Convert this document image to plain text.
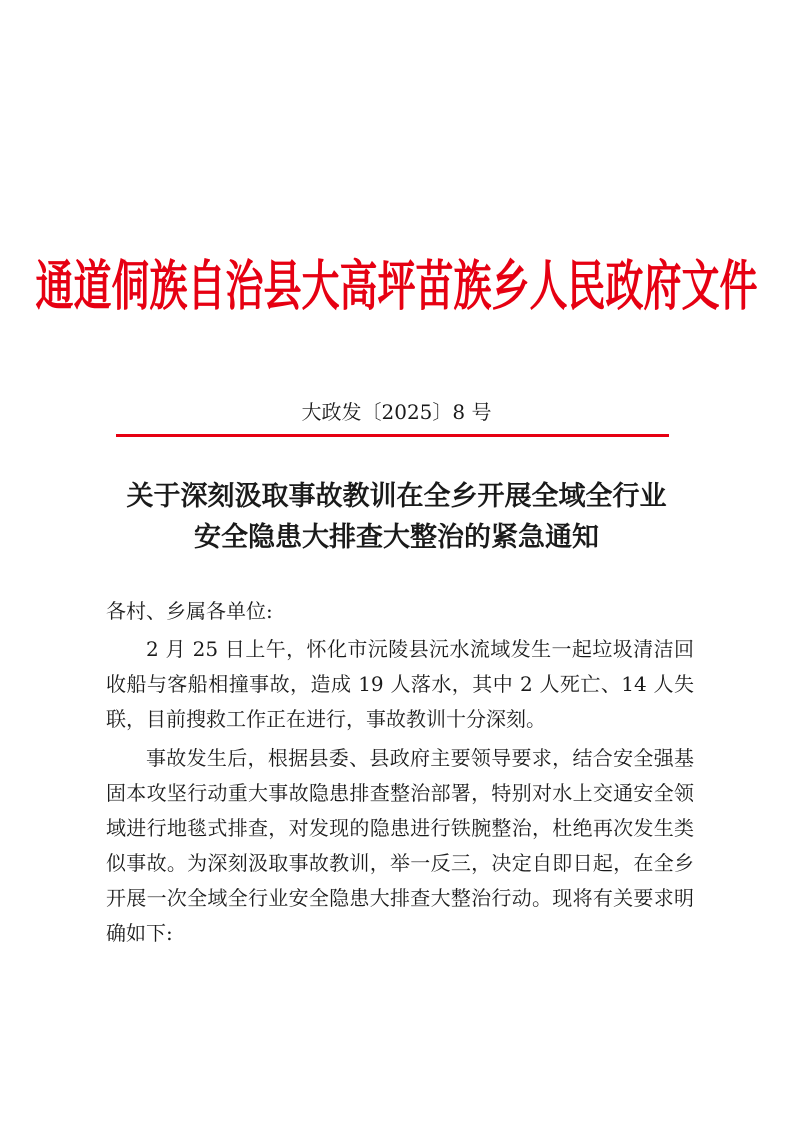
通道侗族自治县大高坪苗族乡人民政府文件
大政发〔2025〕8 号
关于深刻汲取事故教训在全乡开展全域全行业
安全隐患大排查大整治的紧急通知
各村、乡属各单位:
2 月 25 日上午，怀化市沅陵县沅水流域发生一起垃圾清洁回收船与客船相撞事故，造成 19 人落水，其中 2 人死亡、14 人失联，目前搜救工作正在进行，事故教训十分深刻。
事故发生后，根据县委、县政府主要领导要求，结合安全强基固本攻坚行动重大事故隐患排查整治部署，特别对水上交通安全领域进行地毯式排查，对发现的隐患进行铁腕整治，杜绝再次发生类似事故。为深刻汲取事故教训，举一反三，决定自即日起，在全乡开展一次全域全行业安全隐患大排查大整治行动。现将有关要求明确如下:
